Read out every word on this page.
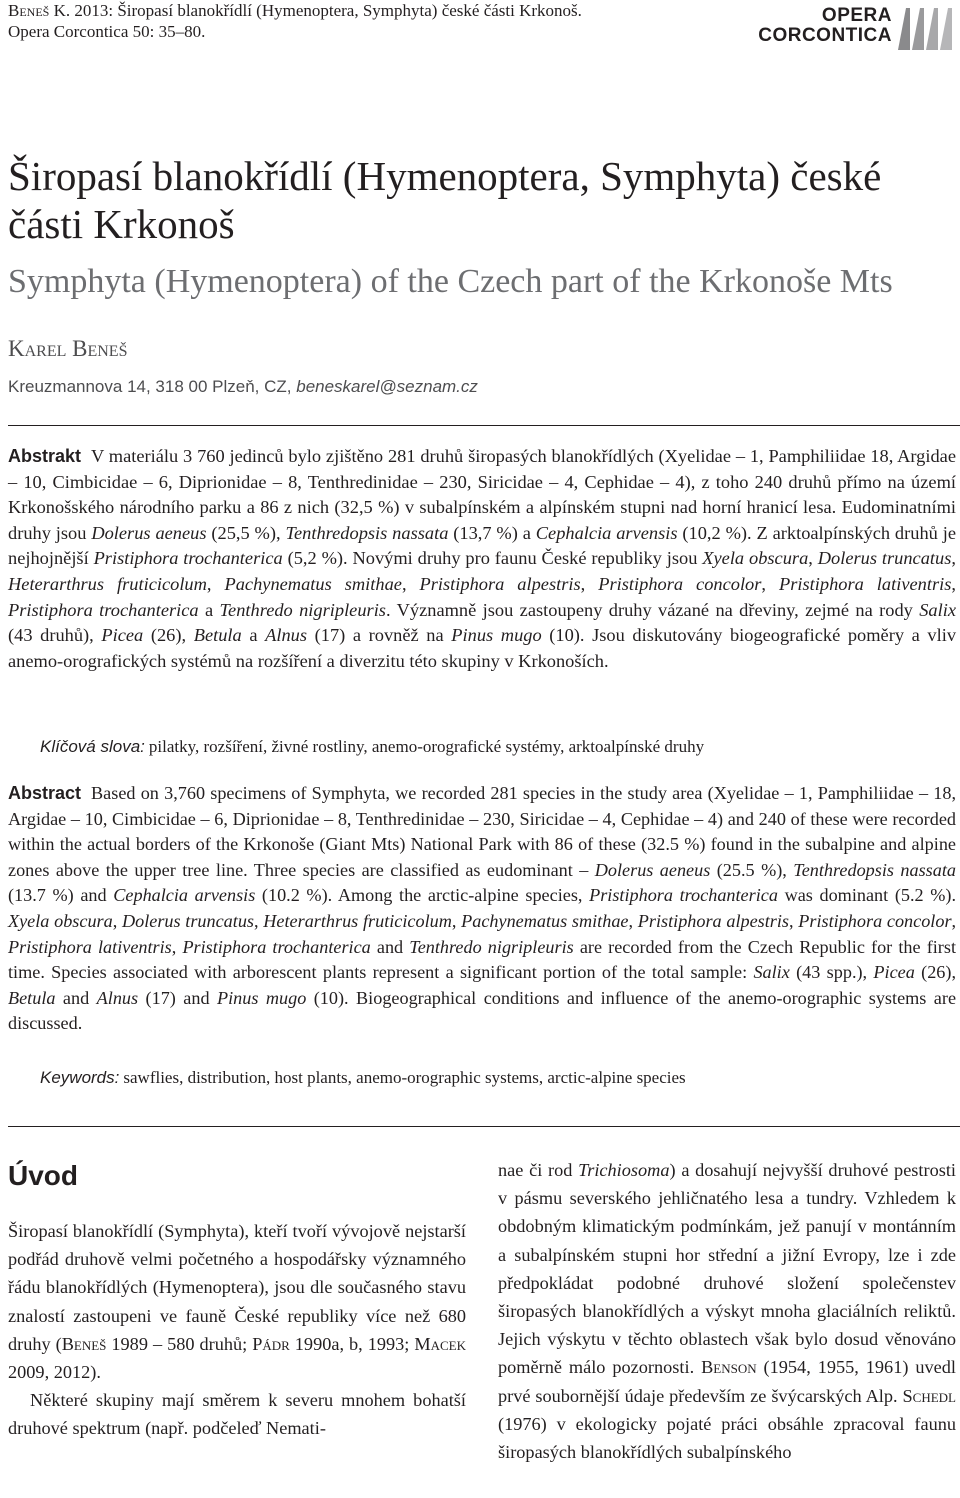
Beneš K. 2013: Širopasí blanokřídlí (Hymenoptera, Symphyta) české části Krkonoš.
Opera Corcontica 50: 35–80.
OPERA
CORCONTICA
Širopasí blanokřídlí (Hymenoptera, Symphyta) české části Krkonoš
Symphyta (Hymenoptera) of the Czech part of the Krkonoše Mts
Karel Beneš
Kreuzmannova 14, 318 00 Plzeň, CZ, beneskarel@seznam.cz
Abstrakt V materiálu 3 760 jedinců bylo zjištěno 281 druhů širopasých blanokřídlých (Xyelidae – 1, Pamphiliidae 18, Argidae – 10, Cimbicidae – 6, Diprionidae – 8, Tenthredinidae – 230, Siricidae – 4, Cephidae – 4), z toho 240 druhů přímo na území Krkonošského národního parku a 86 z nich (32,5 %) v subalpínském a alpínském stupni nad horní hranicí lesa. Eudominatními druhy jsou Dolerus aeneus (25,5 %), Tenthredopsis nassata (13,7 %) a Cephalcia arvensis (10,2 %). Z arktoalpínských druhů je nejhojnější Pristiphora trochanterica (5,2 %). Novými druhy pro faunu České republiky jsou Xyela obscura, Dolerus truncatus, Heterarthrus fruticicolum, Pachynematus smithae, Pristiphora alpestris, Pristiphora concolor, Pristiphora lativentris, Pristiphora trochanterica a Tenthredo nigripleuris. Významně jsou zastoupeny druhy vázané na dřeviny, zejmé na rody Salix (43 druhů), Picea (26), Betula a Alnus (17) a rovněž na Pinus mugo (10). Jsou diskutovány biogeografické poměry a vliv anemo-orografických systémů na rozšíření a diverzitu této skupiny v Krkonoších.
Klíčová slova: pilatky, rozšíření, živné rostliny, anemo-orografické systémy, arktoalpínské druhy
Abstract Based on 3,760 specimens of Symphyta, we recorded 281 species in the study area (Xyelidae – 1, Pamphiliidae – 18, Argidae – 10, Cimbicidae – 6, Diprionidae – 8, Tenthredinidae – 230, Siricidae – 4, Cephidae – 4) and 240 of these were recorded within the actual borders of the Krkonoše (Giant Mts) National Park with 86 of these (32.5 %) found in the subalpine and alpine zones above the upper tree line. Three species are classified as eudominant – Dolerus aeneus (25.5 %), Tenthredopsis nassata (13.7 %) and Cephalcia arvensis (10.2 %). Among the arctic-alpine species, Pristiphora trochanterica was dominant (5.2 %). Xyela obscura, Dolerus truncatus, Heterarthrus fruticicolum, Pachynematus smithae, Pristiphora alpestris, Pristiphora concolor, Pristiphora lativentris, Pristiphora trochanterica and Tenthredo nigripleuris are recorded from the Czech Republic for the first time. Species associated with arborescent plants represent a significant portion of the total sample: Salix (43 spp.), Picea (26), Betula and Alnus (17) and Pinus mugo (10). Biogeographical conditions and influence of the anemo-orographic systems are discussed.
Keywords: sawflies, distribution, host plants, anemo-orographic systems, arctic-alpine species
Úvod

Širopasí blanokřídlí (Symphyta), kteří tvoří vývojově nejstarší podřád druhově velmi početného a hospodářsky významného řádu blanokřídlých (Hymenoptera), jsou dle současného stavu znalostí zastoupeni ve fauně České republiky více než 680 druhy (Beneš 1989 – 580 druhů; Pádr 1990a, b, 1993; Macek 2009, 2012).

Některé skupiny mají směrem k severu mnohem bohatší druhové spektrum (např. podčeleď Nemati-

nae či rod Trichiosoma) a dosahují nejvyšší druhové pestrosti v pásmu severského jehličnatého lesa a tundry. Vzhledem k obdobným klimatickým podmínkám, jež panují v montánním a subalpínském stupni hor střední a jižní Evropy, lze i zde předpokládat podobné druhové složení společenstev širopasých blanokřídlých a výskyt mnoha glaciálních reliktů. Jejich výskytu v těchto oblastech však bylo dosud věnováno poměrně málo pozornosti. Benson (1954, 1955, 1961) uvedl prvé soubornější údaje především ze švýcarských Alp. Schedl (1976) v ekologicky pojaté práci obsáhle zpracoval faunu širopasých blanokřídlých subalpínského
